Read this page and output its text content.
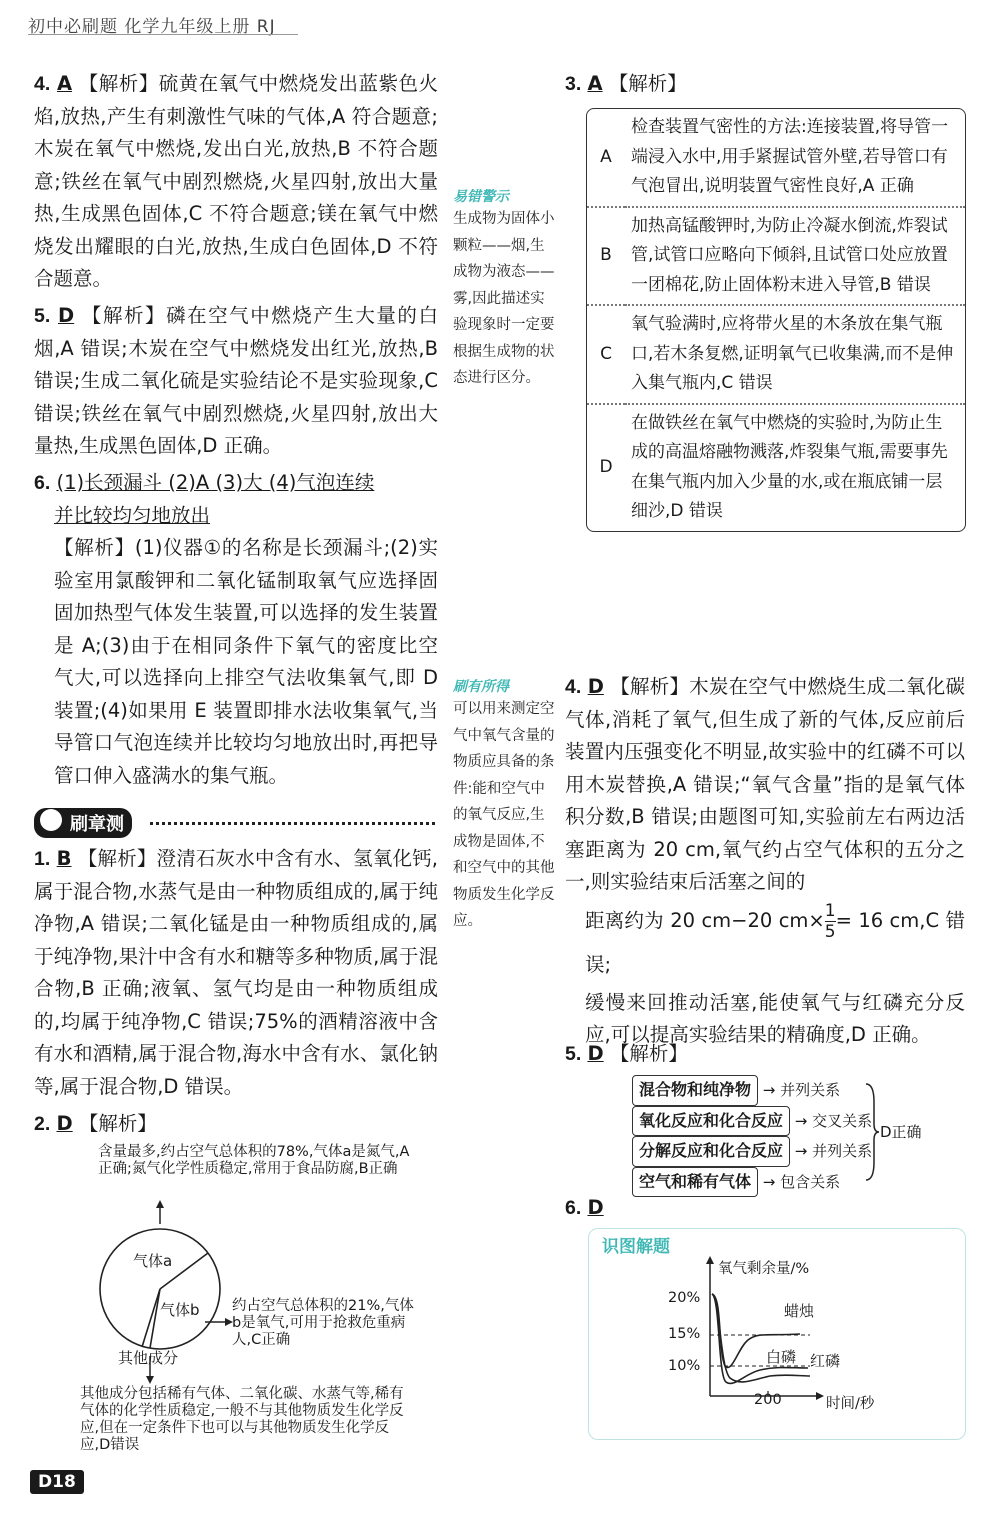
初中必刷题 化学九年级上册 RJ
4. A 【解析】硫黄在氧气中燃烧发出蓝紫色火焰,放热,产生有刺激性气味的气体,A 符合题意;木炭在氧气中燃烧,发出白光,放热,B 不符合题意;铁丝在氧气中剧烈燃烧,火星四射,放出大量热,生成黑色固体,C 不符合题意;镁在氧气中燃烧发出耀眼的白光,放热,生成白色固体,D 不符合题意。
5. D 【解析】磷在空气中燃烧产生大量的白烟,A 错误;木炭在空气中燃烧发出红光,放热,B 错误;生成二氧化硫是实验结论不是实验现象,C 错误;铁丝在氧气中剧烈燃烧,火星四射,放出大量热,生成黑色固体,D 正确。
6. (1)长颈漏斗 (2)A (3)大 (4)气泡连续
并比较均匀地放出
【解析】(1)仪器①的名称是长颈漏斗;(2)实验室用氯酸钾和二氧化锰制取氧气应选择固固加热型气体发生装置,可以选择的发生装置是 A;(3)由于在相同条件下氧气的密度比空气大,可以选择向上排空气法收集氧气,即 D 装置;(4)如果用 E 装置即排水法收集氧气,当导管口气泡连续并比较均匀地放出时,再把导管口伸入盛满水的集气瓶。
刷章测
1. B 【解析】澄清石灰水中含有水、氢氧化钙,属于混合物,水蒸气是由一种物质组成的,属于纯净物,A 错误;二氧化锰是由一种物质组成的,属于纯净物,果汁中含有水和糖等多种物质,属于混合物,B 正确;液氧、氢气均是由一种物质组成的,均属于纯净物,C 错误;75%的酒精溶液中含有水和酒精,属于混合物,海水中含有水、氯化钠等,属于混合物,D 错误。
2. D 【解析】
含量最多,约占空气总体积的78%,气体a是氮气,A正确;氮气化学性质稳定,常用于食品防腐,B正确
气体a
气体b
其他成分
约占空气总体积的21%,气体b是氧气,可用于抢救危重病人,C正确
其他成分包括稀有气体、二氧化碳、水蒸气等,稀有气体的化学性质稳定,一般不与其他物质发生化学反应,但在一定条件下也可以与其他物质发生化学反应,D错误
易错警示
生成物为固体小颗粒——烟,生成物为液态——雾,因此描述实验现象时一定要根据生成物的状态进行区分。
刷有所得
可以用来测定空气中氧气含量的物质应具备的条件:能和空气中的氧气反应,生成物是固体,不和空气中的其他物质发生化学反应。
3. A 【解析】
A	检查装置气密性的方法:连接装置,将导管一端浸入水中,用手紧握试管外壁,若导管口有气泡冒出,说明装置气密性良好,A 正确
B	加热高锰酸钾时,为防止冷凝水倒流,炸裂试管,试管口应略向下倾斜,且试管口处应放置一团棉花,防止固体粉末进入导管,B 错误
C	氧气验满时,应将带火星的木条放在集气瓶口,若木条复燃,证明氧气已收集满,而不是伸入集气瓶内,C 错误
D	在做铁丝在氧气中燃烧的实验时,为防止生成的高温熔融物溅落,炸裂集气瓶,需要事先在集气瓶内加入少量的水,或在瓶底铺一层细沙,D 错误
4. D 【解析】木炭在空气中燃烧生成二氧化碳气体,消耗了氧气,但生成了新的气体,反应前后装置内压强变化不明显,故实验中的红磷不可以用木炭替换,A 错误;“氧气含量”指的是氧气体积分数,B 错误;由题图可知,实验前左右两边活塞距离为 20 cm,氧气约占空气体积的五分之一,则实验结束后活塞之间的
距离约为 20 cm−20 $cm\times \frac{1}{5} = 16$ cm,C 错误;
缓慢来回推动活塞,能使氧气与红磷充分反应,可以提高实验结果的精确度,D 正确。
5. D 【解析】
混合物和纯净物 → 并列关系
氧化反应和化合反应 → 交叉关系
分解反应和化合反应 → 并列关系
空气和稀有气体 → 包含关系
D正确
6. D
识图解题
氧气剩余量/%
20%
15%
10%
200	时间/秒
蜡烛
白磷 红磷
D18
